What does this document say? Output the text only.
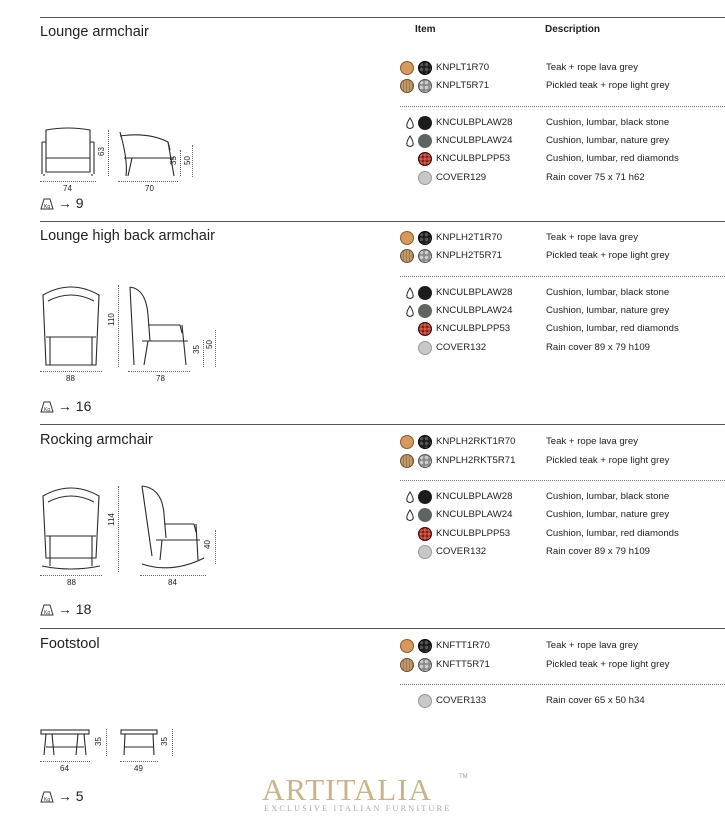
Item	Description
Lounge armchair
63
74	70
35 50
Kg → 9
KNPLT1R70	Teak + rope lava grey
KNPLT5R71	Pickled teak + rope light grey
KNCULBPLAW28	Cushion, lumbar, black stone
KNCULBPLAW24	Cushion, lumbar, nature grey
KNCULBPLPP53	Cushion, lumbar, red diamonds
COVER129	Rain cover 75 x 71 h62
Lounge high back armchair
110
88	78
35
50
Kg → 16
KNPLH2T1R70	Teak + rope lava grey
KNPLH2T5R71	Pickled teak + rope light grey
KNCULBPLAW28	Cushion, lumbar, black stone
KNCULBPLAW24	Cushion, lumbar, nature grey
KNCULBPLPP53	Cushion, lumbar, red diamonds
COVER132	Rain cover 89 x 79 h109
Rocking armchair
114
88	84
40
Kg → 18
KNPLH2RKT1R70	Teak + rope lava grey
KNPLH2RKT5R71	Pickled teak + rope light grey
KNCULBPLAW28	Cushion, lumbar, black stone
KNCULBPLAW24	Cushion, lumbar, nature grey
KNCULBPLPP53	Cushion, lumbar, red diamonds
COVER132	Rain cover 89 x 79 h109
Footstool
35
64
35
49
Kg → 5
KNFTT1R70	Teak + rope lava grey
KNFTT5R71	Pickled teak + rope light grey
COVER133	Rain cover 65 x 50 h34
ARTITALIA	TM
EXCLUSIVE ITALIAN FURNITURE
